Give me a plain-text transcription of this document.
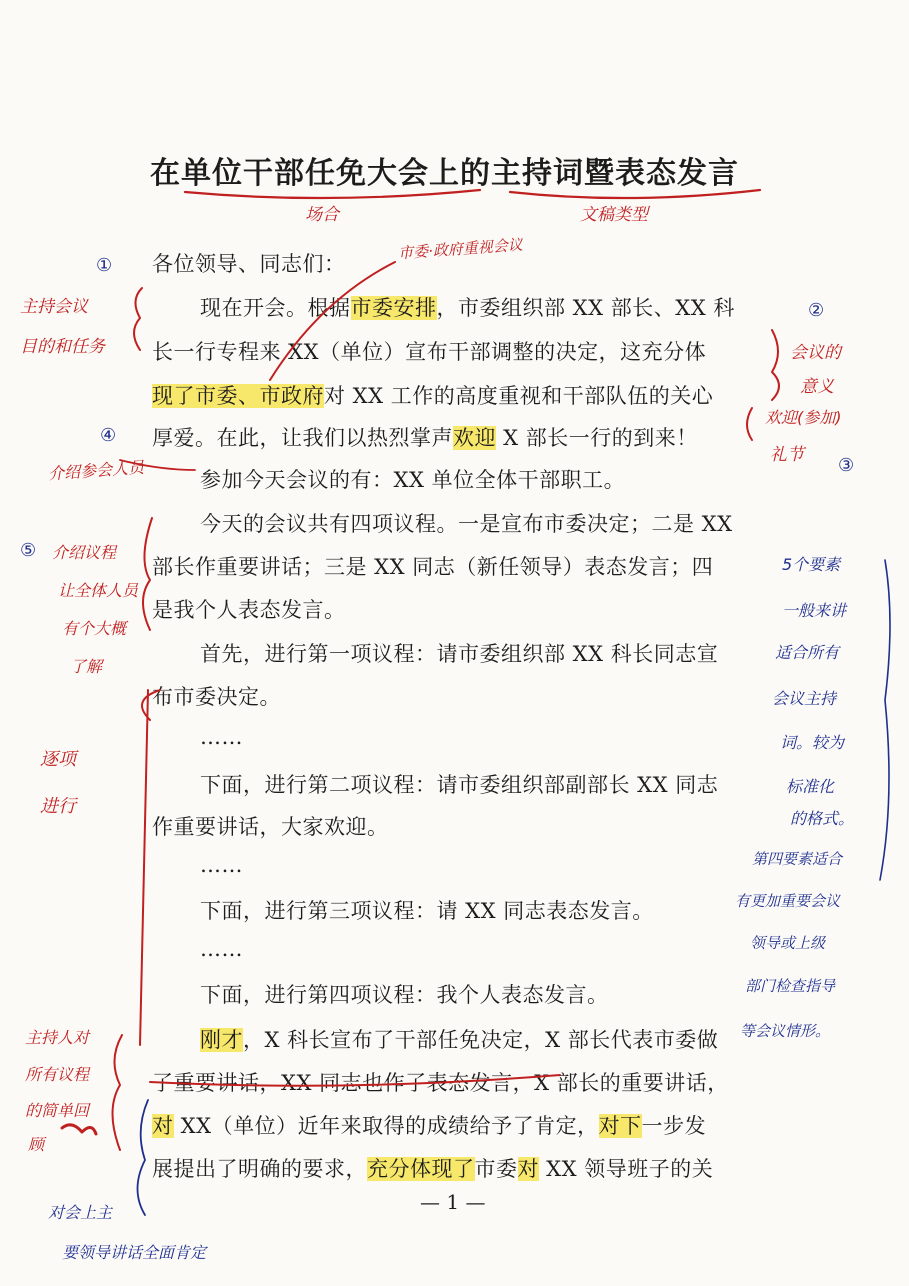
在单位干部任免大会上的主持词暨表态发言
各位领导、同志们：
现在开会。根据市委安排，市委组织部 XX 部长、XX 科
长一行专程来 XX（单位）宣布干部调整的决定，这充分体
现了市委、市政府对 XX 工作的高度重视和干部队伍的关心
厚爱。在此，让我们以热烈掌声欢迎 X 部长一行的到来！
参加今天会议的有：XX 单位全体干部职工。
今天的会议共有四项议程。一是宣布市委决定；二是 XX
部长作重要讲话；三是 XX 同志（新任领导）表态发言；四
是我个人表态发言。
首先，进行第一项议程：请市委组织部 XX 科长同志宣
布市委决定。
……
下面，进行第二项议程：请市委组织部副部长 XX 同志
作重要讲话，大家欢迎。
……
下面，进行第三项议程：请 XX 同志表态发言。
……
下面，进行第四项议程：我个人表态发言。
刚才，X 科长宣布了干部任免决定，X 部长代表市委做
了重要讲话，XX 同志也作了表态发言，X 部长的重要讲话，
对 XX（单位）近年来取得的成绩给予了肯定，对下一步发
展提出了明确的要求，充分体现了市委对 XX 领导班子的关
— 1 —
场合	文稿类型
市委·政府重视会议
①
主持会议
目的和任务
②
会议的
意义
④
介绍参会人员
欢迎(参加)
礼节 ③
⑤ 介绍议程
让全体人员
有个大概
了解
逐项
进行
5个要素
一般来讲
适合所有
会议主持
词。较为
标准化
的格式。
第四要素适合
有更加重要会议
领导或上级
部门检查指导
等会议情形。
主持人对
所有议程
的简单回
顾
对会上主
要领导讲话全面肯定
